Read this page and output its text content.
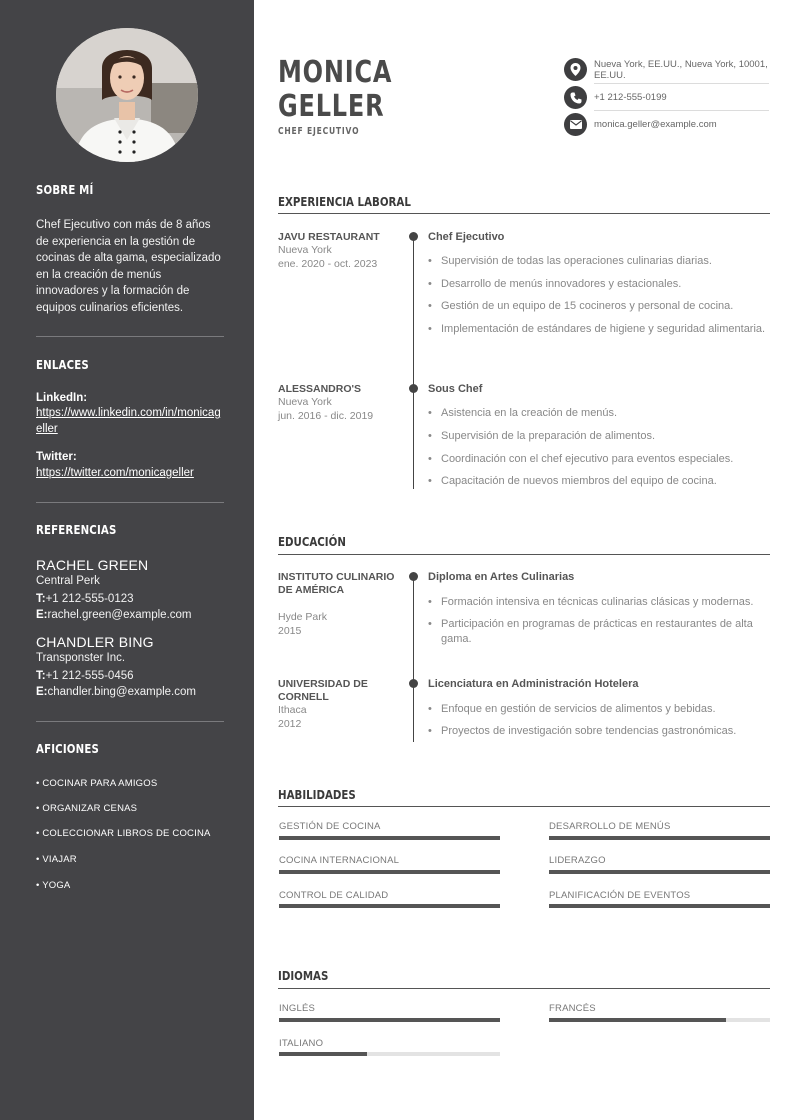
SOBRE MÍ
Chef Ejecutivo con más de 8 años de experiencia en la gestión de cocinas de alta gama, especializado en la creación de menús innovadores y la formación de equipos culinarios eficientes.
ENLACES
LinkedIn:
https://www.linkedin.com/in/monicageller
Twitter:
https://twitter.com/monicageller
REFERENCIAS
RACHEL GREEN
Central Perk
T:+1 212-555-0123
E:rachel.green@example.com
CHANDLER BING
Transponster Inc.
T:+1 212-555-0456
E:chandler.bing@example.com
AFICIONES
• COCINAR PARA AMIGOS
• ORGANIZAR CENAS
• COLECCIONAR LIBROS DE COCINA
• VIAJAR
• YOGA
MONICA
GELLER
CHEF EJECUTIVO
Nueva York, EE.UU., Nueva York, 10001, EE.UU.
+1 212-555-0199
monica.geller@example.com
EXPERIENCIA LABORAL
JAVU RESTAURANT
Nueva York
ene. 2020 - oct. 2023
Chef Ejecutivo
• Supervisión de todas las operaciones culinarias diarias.
• Desarrollo de menús innovadores y estacionales.
• Gestión de un equipo de 15 cocineros y personal de cocina.
• Implementación de estándares de higiene y seguridad alimentaria.
ALESSANDRO'S
Nueva York
jun. 2016 - dic. 2019
Sous Chef
• Asistencia en la creación de menús.
• Supervisión de la preparación de alimentos.
• Coordinación con el chef ejecutivo para eventos especiales.
• Capacitación de nuevos miembros del equipo de cocina.
EDUCACIÓN
INSTITUTO CULINARIO DE AMÉRICA
Hyde Park
2015
Diploma en Artes Culinarias
• Formación intensiva en técnicas culinarias clásicas y modernas.
• Participación en programas de prácticas en restaurantes de alta gama.
UNIVERSIDAD DE CORNELL
Ithaca
2012
Licenciatura en Administración Hotelera
• Enfoque en gestión de servicios de alimentos y bebidas.
• Proyectos de investigación sobre tendencias gastronómicas.
HABILIDADES
GESTIÓN DE COCINA	DESARROLLO DE MENÚS
COCINA INTERNACIONAL	LIDERAZGO
CONTROL DE CALIDAD	PLANIFICACIÓN DE EVENTOS
IDIOMAS
INGLÉS	FRANCÉS
ITALIANO
